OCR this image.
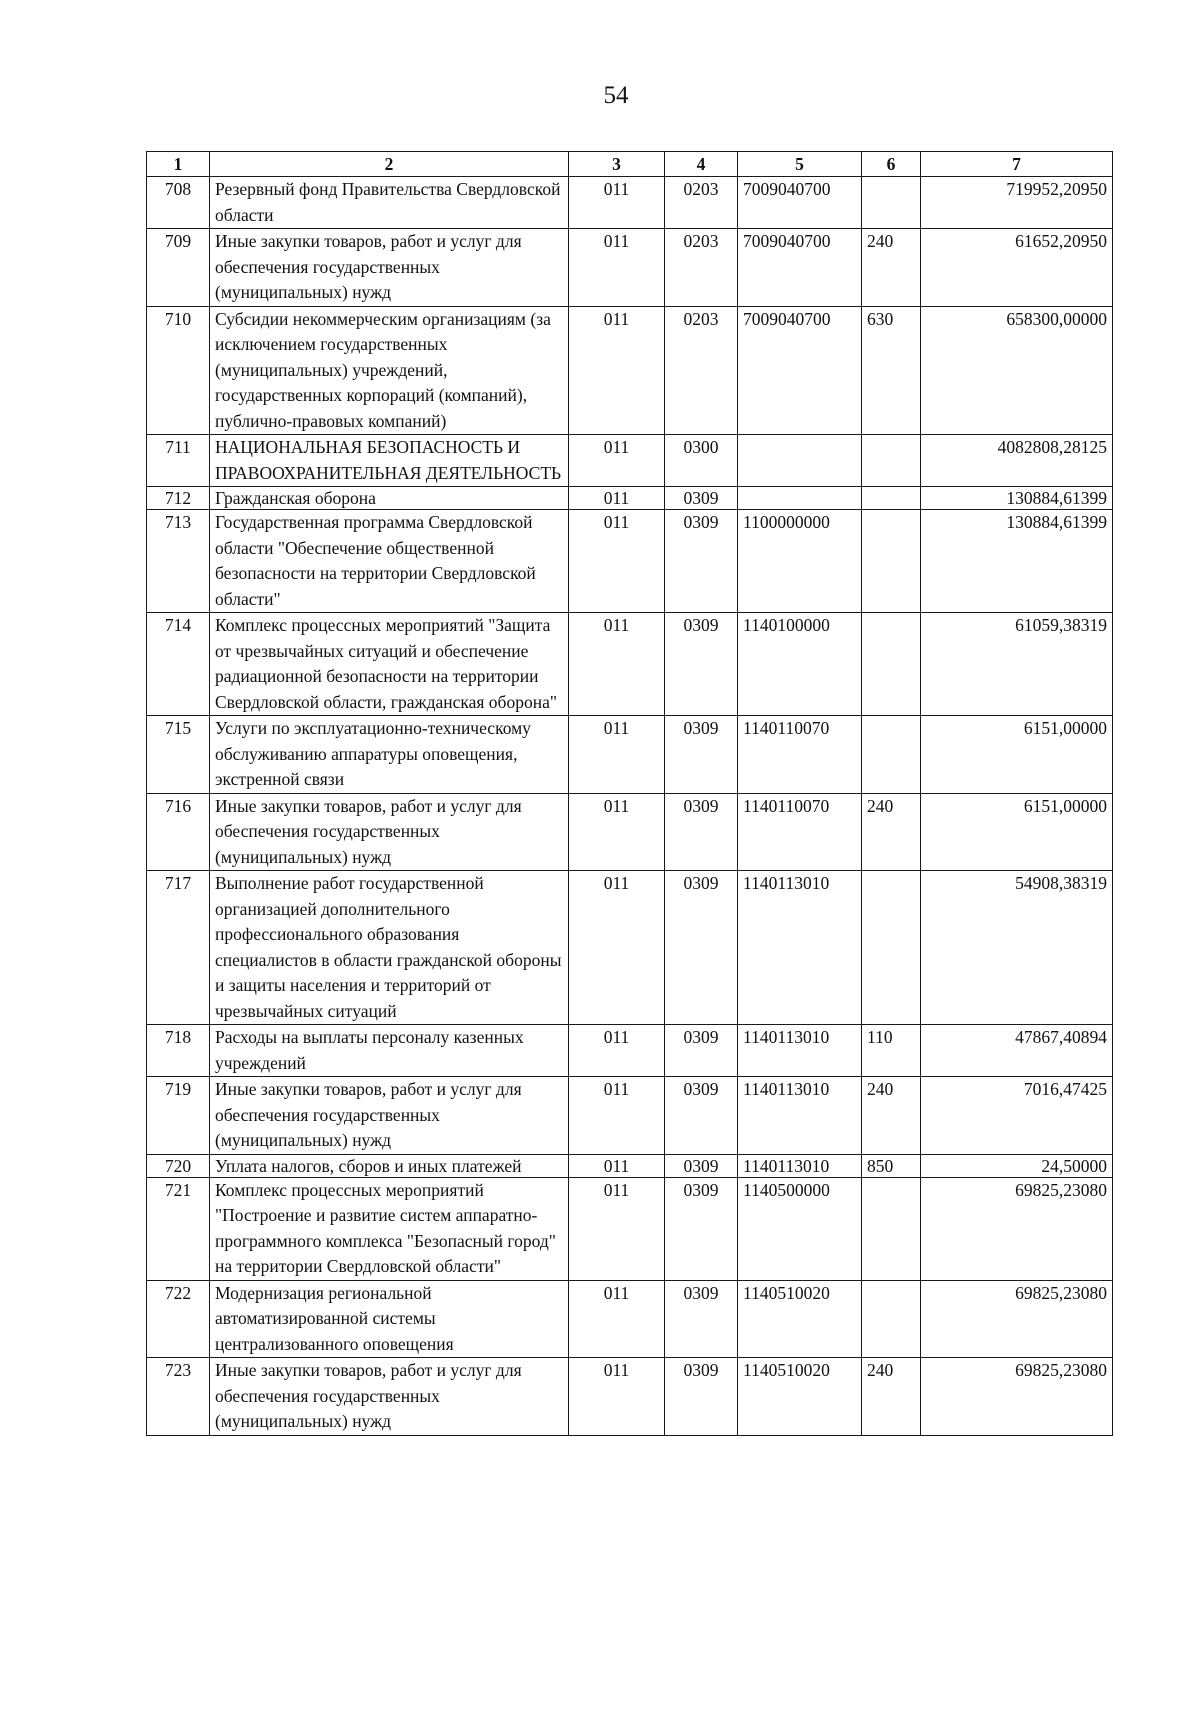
54
1	2	3	4	5	6	7
708	Резервный фонд Правительства Свердловской области	011	0203	7009040700		719952,20950
709	Иные закупки товаров, работ и услуг для обеспечения государственных (муниципальных) нужд	011	0203	7009040700	240	61652,20950
710	Субсидии некоммерческим организациям (за исключением государственных (муниципальных) учреждений, государственных корпораций (компаний), публично-правовых компаний)	011	0203	7009040700	630	658300,00000
711	НАЦИОНАЛЬНАЯ БЕЗОПАСНОСТЬ И ПРАВООХРАНИТЕЛЬНАЯ ДЕЯТЕЛЬНОСТЬ	011	0300			4082808,28125
712	Гражданская оборона	011	0309			130884,61399
713	Государственная программа Свердловской области "Обеспечение общественной безопасности на территории Свердловской области"	011	0309	1100000000		130884,61399
714	Комплекс процессных мероприятий "Защита от чрезвычайных ситуаций и обеспечение радиационной безопасности на территории Свердловской области, гражданская оборона"	011	0309	1140100000		61059,38319
715	Услуги по эксплуатационно-техническому обслуживанию аппаратуры оповещения, экстренной связи	011	0309	1140110070		6151,00000
716	Иные закупки товаров, работ и услуг для обеспечения государственных (муниципальных) нужд	011	0309	1140110070	240	6151,00000
717	Выполнение работ государственной организацией дополнительного профессионального образования специалистов в области гражданской обороны и защиты населения и территорий от чрезвычайных ситуаций	011	0309	1140113010		54908,38319
718	Расходы на выплаты персоналу казенных учреждений	011	0309	1140113010	110	47867,40894
719	Иные закупки товаров, работ и услуг для обеспечения государственных (муниципальных) нужд	011	0309	1140113010	240	7016,47425
720	Уплата налогов, сборов и иных платежей	011	0309	1140113010	850	24,50000
721	Комплекс процессных мероприятий "Построение и развитие систем аппаратно-программного комплекса "Безопасный город" на территории Свердловской области"	011	0309	1140500000		69825,23080
722	Модернизация региональной автоматизированной системы централизованного оповещения	011	0309	1140510020		69825,23080
723	Иные закупки товаров, работ и услуг для обеспечения государственных (муниципальных) нужд	011	0309	1140510020	240	69825,23080
